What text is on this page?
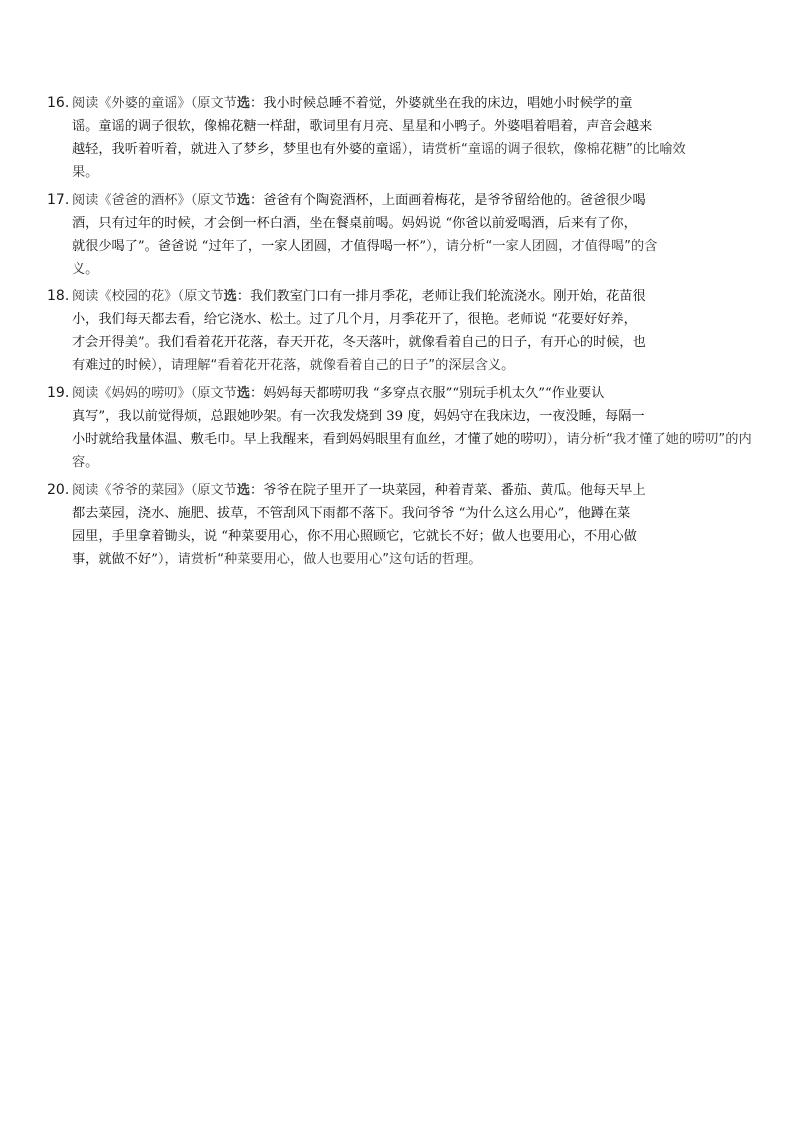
16. 阅读《外婆的童谣》（原文节选：我小时候总睡不着觉，外婆就坐在我的床边，唱她小时候学的童
谣。童谣的调子很软，像棉花糖一样甜，歌词里有月亮、星星和小鸭子。外婆唱着唱着，声音会越来
越轻，我听着听着，就进入了梦乡，梦里也有外婆的童谣），请赏析“童谣的调子很软，像棉花糖”的比喻效
果。
17. 阅读《爸爸的酒杯》（原文节选：爸爸有个陶瓷酒杯，上面画着梅花，是爷爷留给他的。爸爸很少喝
酒，只有过年的时候，才会倒一杯白酒，坐在餐桌前喝。妈妈说 “你爸以前爱喝酒，后来有了你，
就很少喝了”。爸爸说 “过年了，一家人团圆，才值得喝一杯”），请分析“一家人团圆，才值得喝”的含
义。
18. 阅读《校园的花》（原文节选：我们教室门口有一排月季花，老师让我们轮流浇水。刚开始，花苗很
小，我们每天都去看，给它浇水、松土。过了几个月，月季花开了，很艳。老师说 “花要好好养，
才会开得美”。我们看着花开花落，春天开花，冬天落叶，就像看着自己的日子，有开心的时候，也
有难过的时候），请理解“看着花开花落，就像看着自己的日子”的深层含义。
19. 阅读《妈妈的唠叨》（原文节选：妈妈每天都唠叨我 “多穿点衣服”“别玩手机太久”“作业要认
真写”，我以前觉得烦，总跟她吵架。有一次我发烧到 39 度，妈妈守在我床边，一夜没睡，每隔一
小时就给我量体温、敷毛巾。早上我醒来，看到妈妈眼里有血丝，才懂了她的唠叨），请分析“我才懂了她的唠叨”的内
容。
20. 阅读《爷爷的菜园》（原文节选：爷爷在院子里开了一块菜园，种着青菜、番茄、黄瓜。他每天早上
都去菜园，浇水、施肥、拔草，不管刮风下雨都不落下。我问爷爷 “为什么这么用心”，他蹲在菜
园里，手里拿着锄头，说 “种菜要用心，你不用心照顾它，它就长不好；做人也要用心，不用心做
事，就做不好”），请赏析“种菜要用心，做人也要用心”这句话的哲理。
